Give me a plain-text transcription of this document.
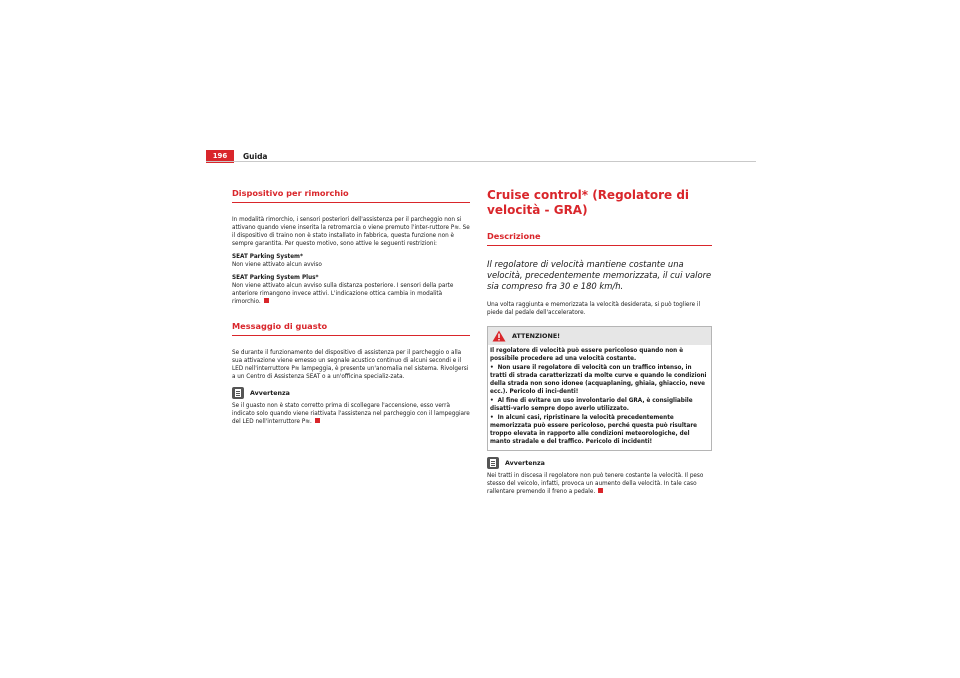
196	Guida
Dispositivo per rimorchio

In modalità rimorchio, i sensori posteriori dell'assistenza per il parcheggio non si attivano quando viene inserita la retromarcia o viene premuto l'inter-ruttore P≋. Se il dispositivo di traino non è stato installato in fabbrica, questa funzione non è sempre garantita. Per questo motivo, sono attive le seguenti restrizioni:

SEAT Parking System*

Non viene attivato alcun avviso

SEAT Parking System Plus*

Non viene attivato alcun avviso sulla distanza posteriore. I sensori della parte anteriore rimangono invece attivi. L'indicazione ottica cambia in modalità rimorchio.

Messaggio di guasto

Se durante il funzionamento del dispositivo di assistenza per il parcheggio o alla sua attivazione viene emesso un segnale acustico continuo di alcuni secondi e il LED nell'interruttore P≋ lampeggia, è presente un'anomalia nel sistema. Rivolgersi a un Centro di Assistenza SEAT o a un'officina specializ-zata.

Avvertenza

Se il guasto non è stato corretto prima di scollegare l'accensione, esso verrà indicato solo quando viene riattivata l'assistenza nel parcheggio con il lampeggiare del LED nell'interruttore P≋.

Cruise control* (Regolatore di velocità - GRA)
Descrizione

Il regolatore di velocità mantiene costante una velocità, precedentemente memorizzata, il cui valore sia compreso fra 30 e 180 km/h.

Una volta raggiunta e memorizzata la velocità desiderata, si può togliere il piede dal pedale dell'acceleratore.

ATTENZIONE!

Il regolatore di velocità può essere pericoloso quando non è possibile procedere ad una velocità costante.

• Non usare il regolatore di velocità con un traffico intenso, in tratti di strada caratterizzati da molte curve e quando le condizioni della strada non sono idonee (acquaplaning, ghiaia, ghiaccio, neve ecc.). Pericolo di inci-denti!

• Al fine di evitare un uso involontario del GRA, è consigliabile disatti-varlo sempre dopo averlo utilizzato.

• In alcuni casi, ripristinare la velocità precedentemente memorizzata può essere pericoloso, perché questa può risultare troppo elevata in rapporto alle condizioni meteorologiche, del manto stradale e del traffico. Pericolo di incidenti!

Avvertenza

Nei tratti in discesa il regolatore non può tenere costante la velocità. Il peso stesso del veicolo, infatti, provoca un aumento della velocità. In tale caso rallentare premendo il freno a pedale.
